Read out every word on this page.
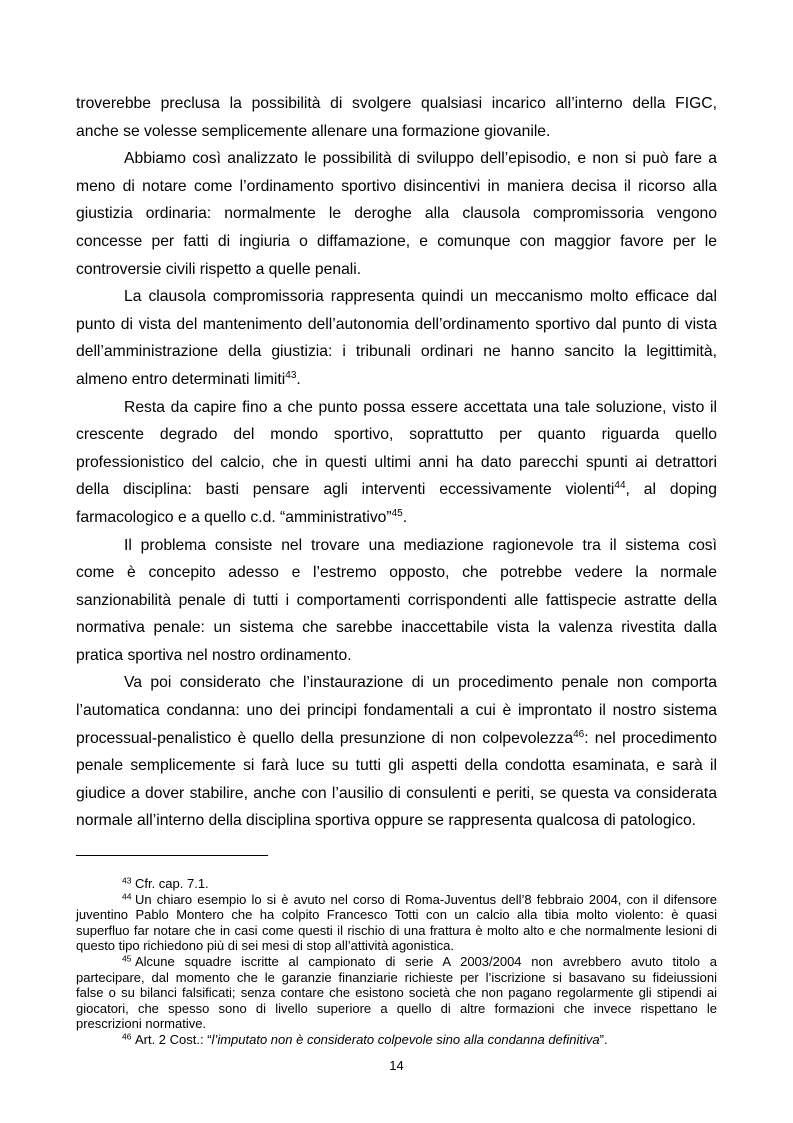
troverebbe preclusa la possibilità di svolgere qualsiasi incarico all’interno della FIGC,
anche se volesse semplicemente allenare una formazione giovanile.
Abbiamo così analizzato le possibilità di sviluppo dell’episodio, e non si può fare a
meno di notare come l’ordinamento sportivo disincentivi in maniera decisa il ricorso alla
giustizia ordinaria: normalmente le deroghe alla clausola compromissoria vengono
concesse per fatti di ingiuria o diffamazione, e comunque con maggior favore per le
controversie civili rispetto a quelle penali.
La clausola compromissoria rappresenta quindi un meccanismo molto efficace dal
punto di vista del mantenimento dell’autonomia dell’ordinamento sportivo dal punto di vista
dell’amministrazione della giustizia: i tribunali ordinari ne hanno sancito la legittimità,
almeno entro determinati limiti$^{43}$.
Resta da capire fino a che punto possa essere accettata una tale soluzione, visto il
crescente degrado del mondo sportivo, soprattutto per quanto riguarda quello
professionistico del calcio, che in questi ultimi anni ha dato parecchi spunti ai detrattori
della disciplina: basti pensare agli interventi eccessivamente violenti$^{44}$, al doping
farmacologico e a quello c.d. “amministrativo”$^{45}$.
Il problema consiste nel trovare una mediazione ragionevole tra il sistema così
come è concepito adesso e l’estremo opposto, che potrebbe vedere la normale
sanzionabilità penale di tutti i comportamenti corrispondenti alle fattispecie astratte della
normativa penale: un sistema che sarebbe inaccettabile vista la valenza rivestita dalla
pratica sportiva nel nostro ordinamento.
Va poi considerato che l’instaurazione di un procedimento penale non comporta
l’automatica condanna: uno dei principi fondamentali a cui è improntato il nostro sistema
processual-penalistico è quello della presunzione di non colpevolezza$^{46}$: nel procedimento
penale semplicemente si farà luce su tutti gli aspetti della condotta esaminata, e sarà il
giudice a dover stabilire, anche con l’ausilio di consulenti e periti, se questa va considerata
normale all’interno della disciplina sportiva oppure se rappresenta qualcosa di patologico.
$^{43}$ Cfr. cap. 7.1.
$^{44}$ Un chiaro esempio lo si è avuto nel corso di Roma-Juventus dell’8 febbraio 2004, con il difensore
juventino Pablo Montero che ha colpito Francesco Totti con un calcio alla tibia molto violento: è quasi
superfluo far notare che in casi come questi il rischio di una frattura è molto alto e che normalmente lesioni di
questo tipo richiedono più di sei mesi di stop all’attività agonistica.
$^{45}$ Alcune squadre iscritte al campionato di serie A 2003/2004 non avrebbero avuto titolo a
partecipare, dal momento che le garanzie finanziarie richieste per l’iscrizione si basavano su fideiussioni
false o su bilanci falsificati; senza contare che esistono società che non pagano regolarmente gli stipendi ai
giocatori, che spesso sono di livello superiore a quello di altre formazioni che invece rispettano le
prescrizioni normative.
$^{46}$ Art. 2 Cost.: “l’imputato non è considerato colpevole sino alla condanna definitiva”.
14
